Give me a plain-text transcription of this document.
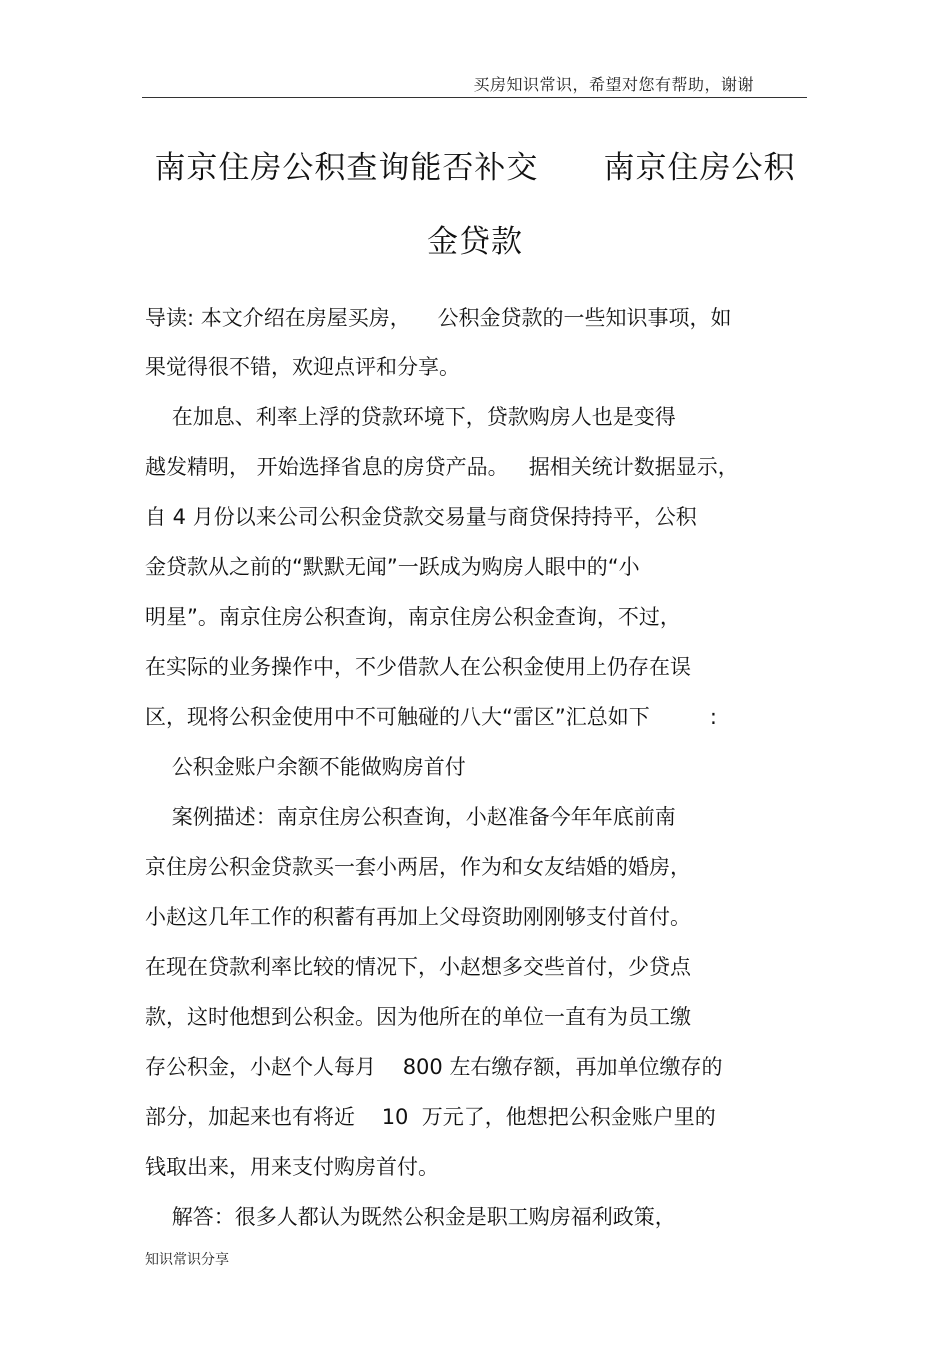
买房知识常识，希望对您有帮助，谢谢
南京住房公积查询能否补交      南京住房公积
金贷款
导读: 本文介绍在房屋买房，    公积金贷款的一些知识事项，如
果觉得很不错，欢迎点评和分享。
在加息、利率上浮的贷款环境下，贷款购房人也是变得
越发精明， 开始选择省息的房贷产品。   据相关统计数据显示，
自 4 月份以来公司公积金贷款交易量与商贷保持持平，公积
金贷款从之前的“默默无闻”一跃成为购房人眼中的“小
明星”。南京住房公积查询，南京住房公积金查询，不过，
在实际的业务操作中，不少借款人在公积金使用上仍存在误
区，现将公积金使用中不可触碰的八大“雷区”汇总如下         :
公积金账户余额不能做购房首付
案例描述：南京住房公积查询，小赵准备今年年底前南
京住房公积金贷款买一套小两居，作为和女友结婚的婚房，
小赵这几年工作的积蓄有再加上父母资助刚刚够支付首付。
在现在贷款利率比较的情况下，小赵想多交些首付，少贷点
款，这时他想到公积金。因为他所在的单位一直有为员工缴
存公积金，小赵个人每月    800 左右缴存额，再加单位缴存的
部分，加起来也有将近    10  万元了，他想把公积金账户里的
钱取出来，用来支付购房首付。
解答：很多人都认为既然公积金是职工购房福利政策，
知识常识分享
